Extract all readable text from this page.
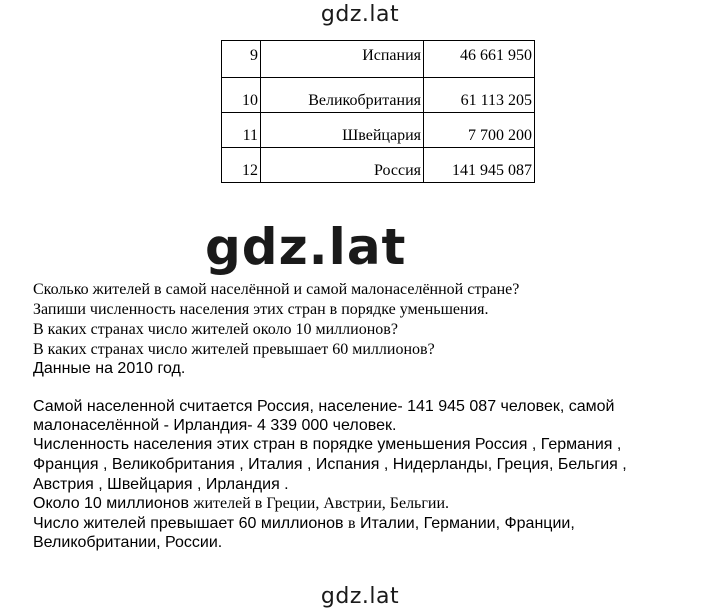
gdz.lat
9	Испания	46 661 950
10	Великобритания	61 113 205
11	Швейцария	7 700 200
12	Россия	141 945 087
gdz.lat
Сколько жителей в самой населённой и самой малонаселённой стране?
Запиши численность населения этих стран в порядке уменьшения.
В каких странах число жителей около 10 миллионов?
В каких странах число жителей превышает 60 миллионов?
Данные на 2010 год.
Самой населенной считается Россия, население- 141 945 087 человек, самой
малонаселённой - Ирландия- 4 339 000 человек.
Численность населения этих стран в порядке уменьшения Россия , Германия ,
Франция , Великобритания , Италия , Испания , Нидерланды, Греция, Бельгия ,
Австрия , Швейцария , Ирландия .
Около 10 миллионов жителей в Греции, Австрии, Бельгии.
Число жителей превышает 60 миллионов в Италии, Германии, Франции,
Великобритании, России.
gdz.lat
